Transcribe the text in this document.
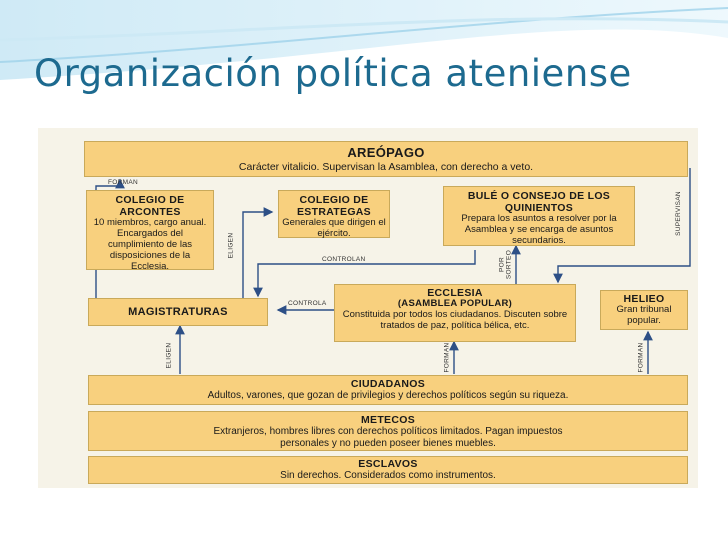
Organización política ateniense
AREÓPAGO
Carácter vitalicio. Supervisan la Asamblea, con derecho a veto.
COLEGIO DE ARCONTES
10 miembros, cargo anual. Encargados del cumplimiento de las disposiciones de la Ecclesia.
COLEGIO DE ESTRATEGAS
Generales que dirigen el ejército.
BULÉ O CONSEJO DE LOS QUINIENTOS
Prepara los asuntos a resolver por la Asamblea y se encarga de asuntos secundarios.
MAGISTRATURAS
ECCLESIA
(ASAMBLEA POPULAR)
Constituida por todos los ciudadanos. Discuten sobre tratados de paz, política bélica, etc.
HELIEO
Gran tribunal popular.
CIUDADANOS
Adultos, varones, que gozan de privilegios y derechos políticos según su riqueza.
METECOS
Extranjeros, hombres libres con derechos políticos limitados. Pagan impuestos personales y no pueden poseer bienes muebles.
ESCLAVOS
Sin derechos. Considerados como instrumentos.
FORMAN
ELIGEN
CONTROLAN	POR SORTEO
SUPERVISAN
CONTROLA
ELIGEN	FORMAN	FORMAN
